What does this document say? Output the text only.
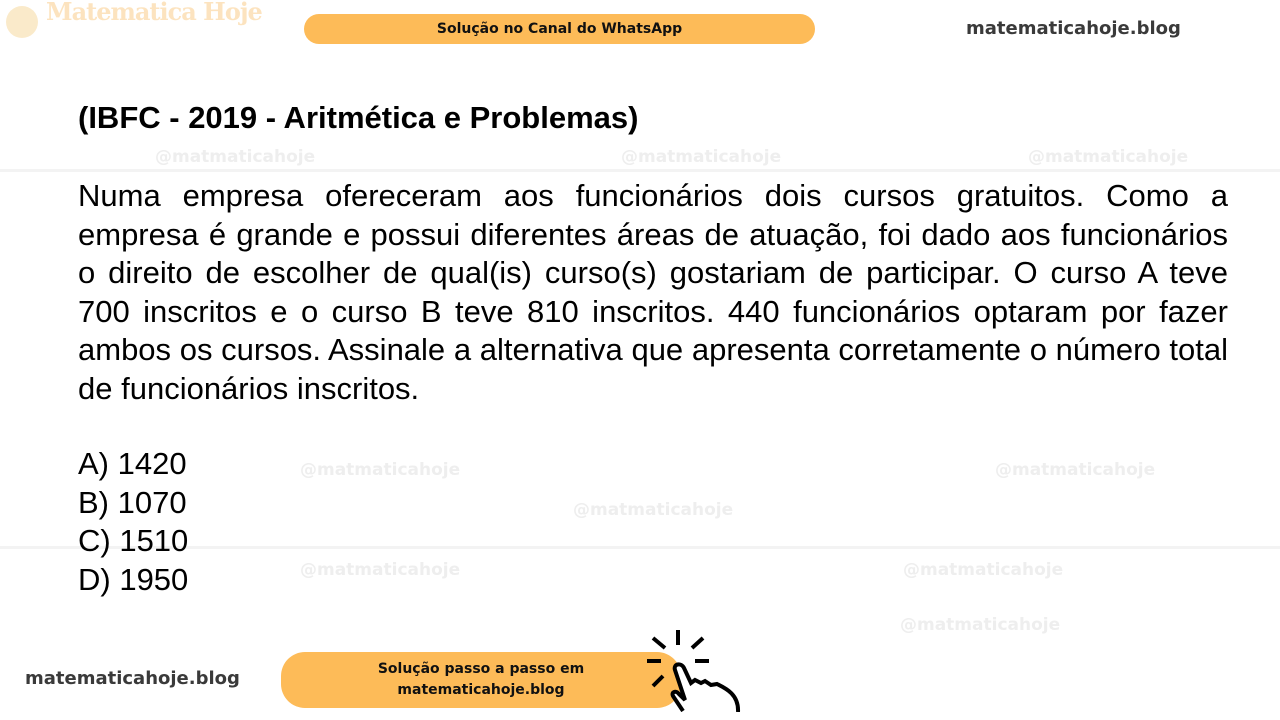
Matematica Hoje
Solução no Canal do WhatsApp	matematicahoje.blog
@matmaticahoje	@matmaticahoje	@matmaticahoje
@matmaticahoje	@matmaticahoje
@matmaticahoje
@matmaticahoje	@matmaticahoje
@matmaticahoje
(IBFC - 2019 - Aritmética e Problemas)
Numa empresa ofereceram aos funcionários dois cursos gratuitos. Como a empresa é grande e possui diferentes áreas de atuação, foi dado aos funcionários o direito de escolher de qual(is) curso(s) gostariam de participar. O curso A teve 700 inscritos e o curso B teve 810 inscritos. 440 funcionários optaram por fazer ambos os cursos. Assinale a alternativa que apresenta corretamente o número total de funcionários inscritos.
A) 1420
B) 1070
C) 1510
D) 1950
matematicahoje.blog	Solução passo a passo em
matematicahoje.blog
